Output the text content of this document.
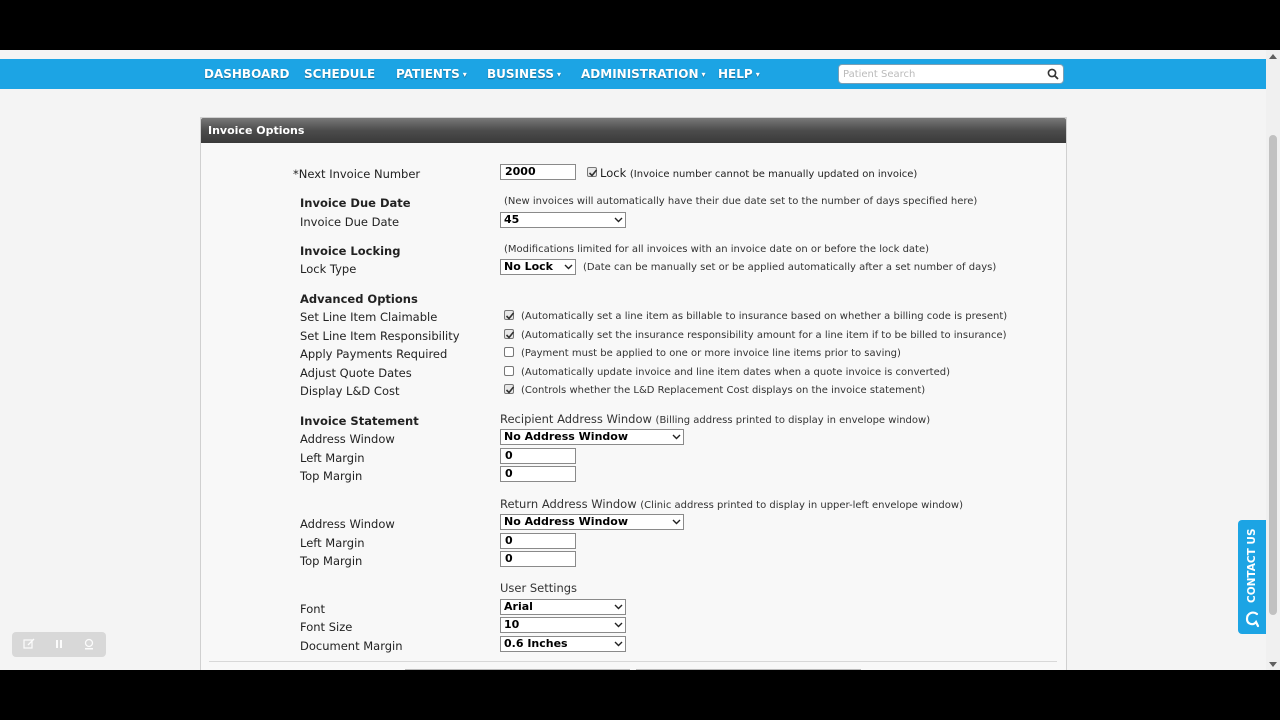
DASHBOARD SCHEDULE PATIENTS ▾ BUSINESS ▾ ADMINISTRATION ▾ HELP ▾
Patient Search
Invoice Options
*Next Invoice Number	2000	Lock (Invoice number cannot be manually updated on invoice)
Invoice Due Date	(New invoices will automatically have their due date set to the number of days specified here)
Invoice Due Date	45
Invoice Locking	(Modifications limited for all invoices with an invoice date on or before the lock date)
Lock Type	No Lock	(Date can be manually set or be applied automatically after a set number of days)
Advanced Options
Set Line Item Claimable	(Automatically set a line item as billable to insurance based on whether a billing code is present)
Set Line Item Responsibility	(Automatically set the insurance responsibility amount for a line item if to be billed to insurance)
Apply Payments Required	(Payment must be applied to one or more invoice line items prior to saving)
Adjust Quote Dates	(Automatically update invoice and line item dates when a quote invoice is converted)
Display L&D Cost	(Controls whether the L&D Replacement Cost displays on the invoice statement)
Invoice Statement	Recipient Address Window (Billing address printed to display in envelope window)
Address Window	No Address Window
Left Margin	0
Top Margin	0
Return Address Window (Clinic address printed to display in upper-left envelope window)
Address Window	No Address Window
Left Margin	0
Top Margin	0
User Settings
Font	Arial
Font Size	10
Document Margin	0.6 Inches
CONTACT US
